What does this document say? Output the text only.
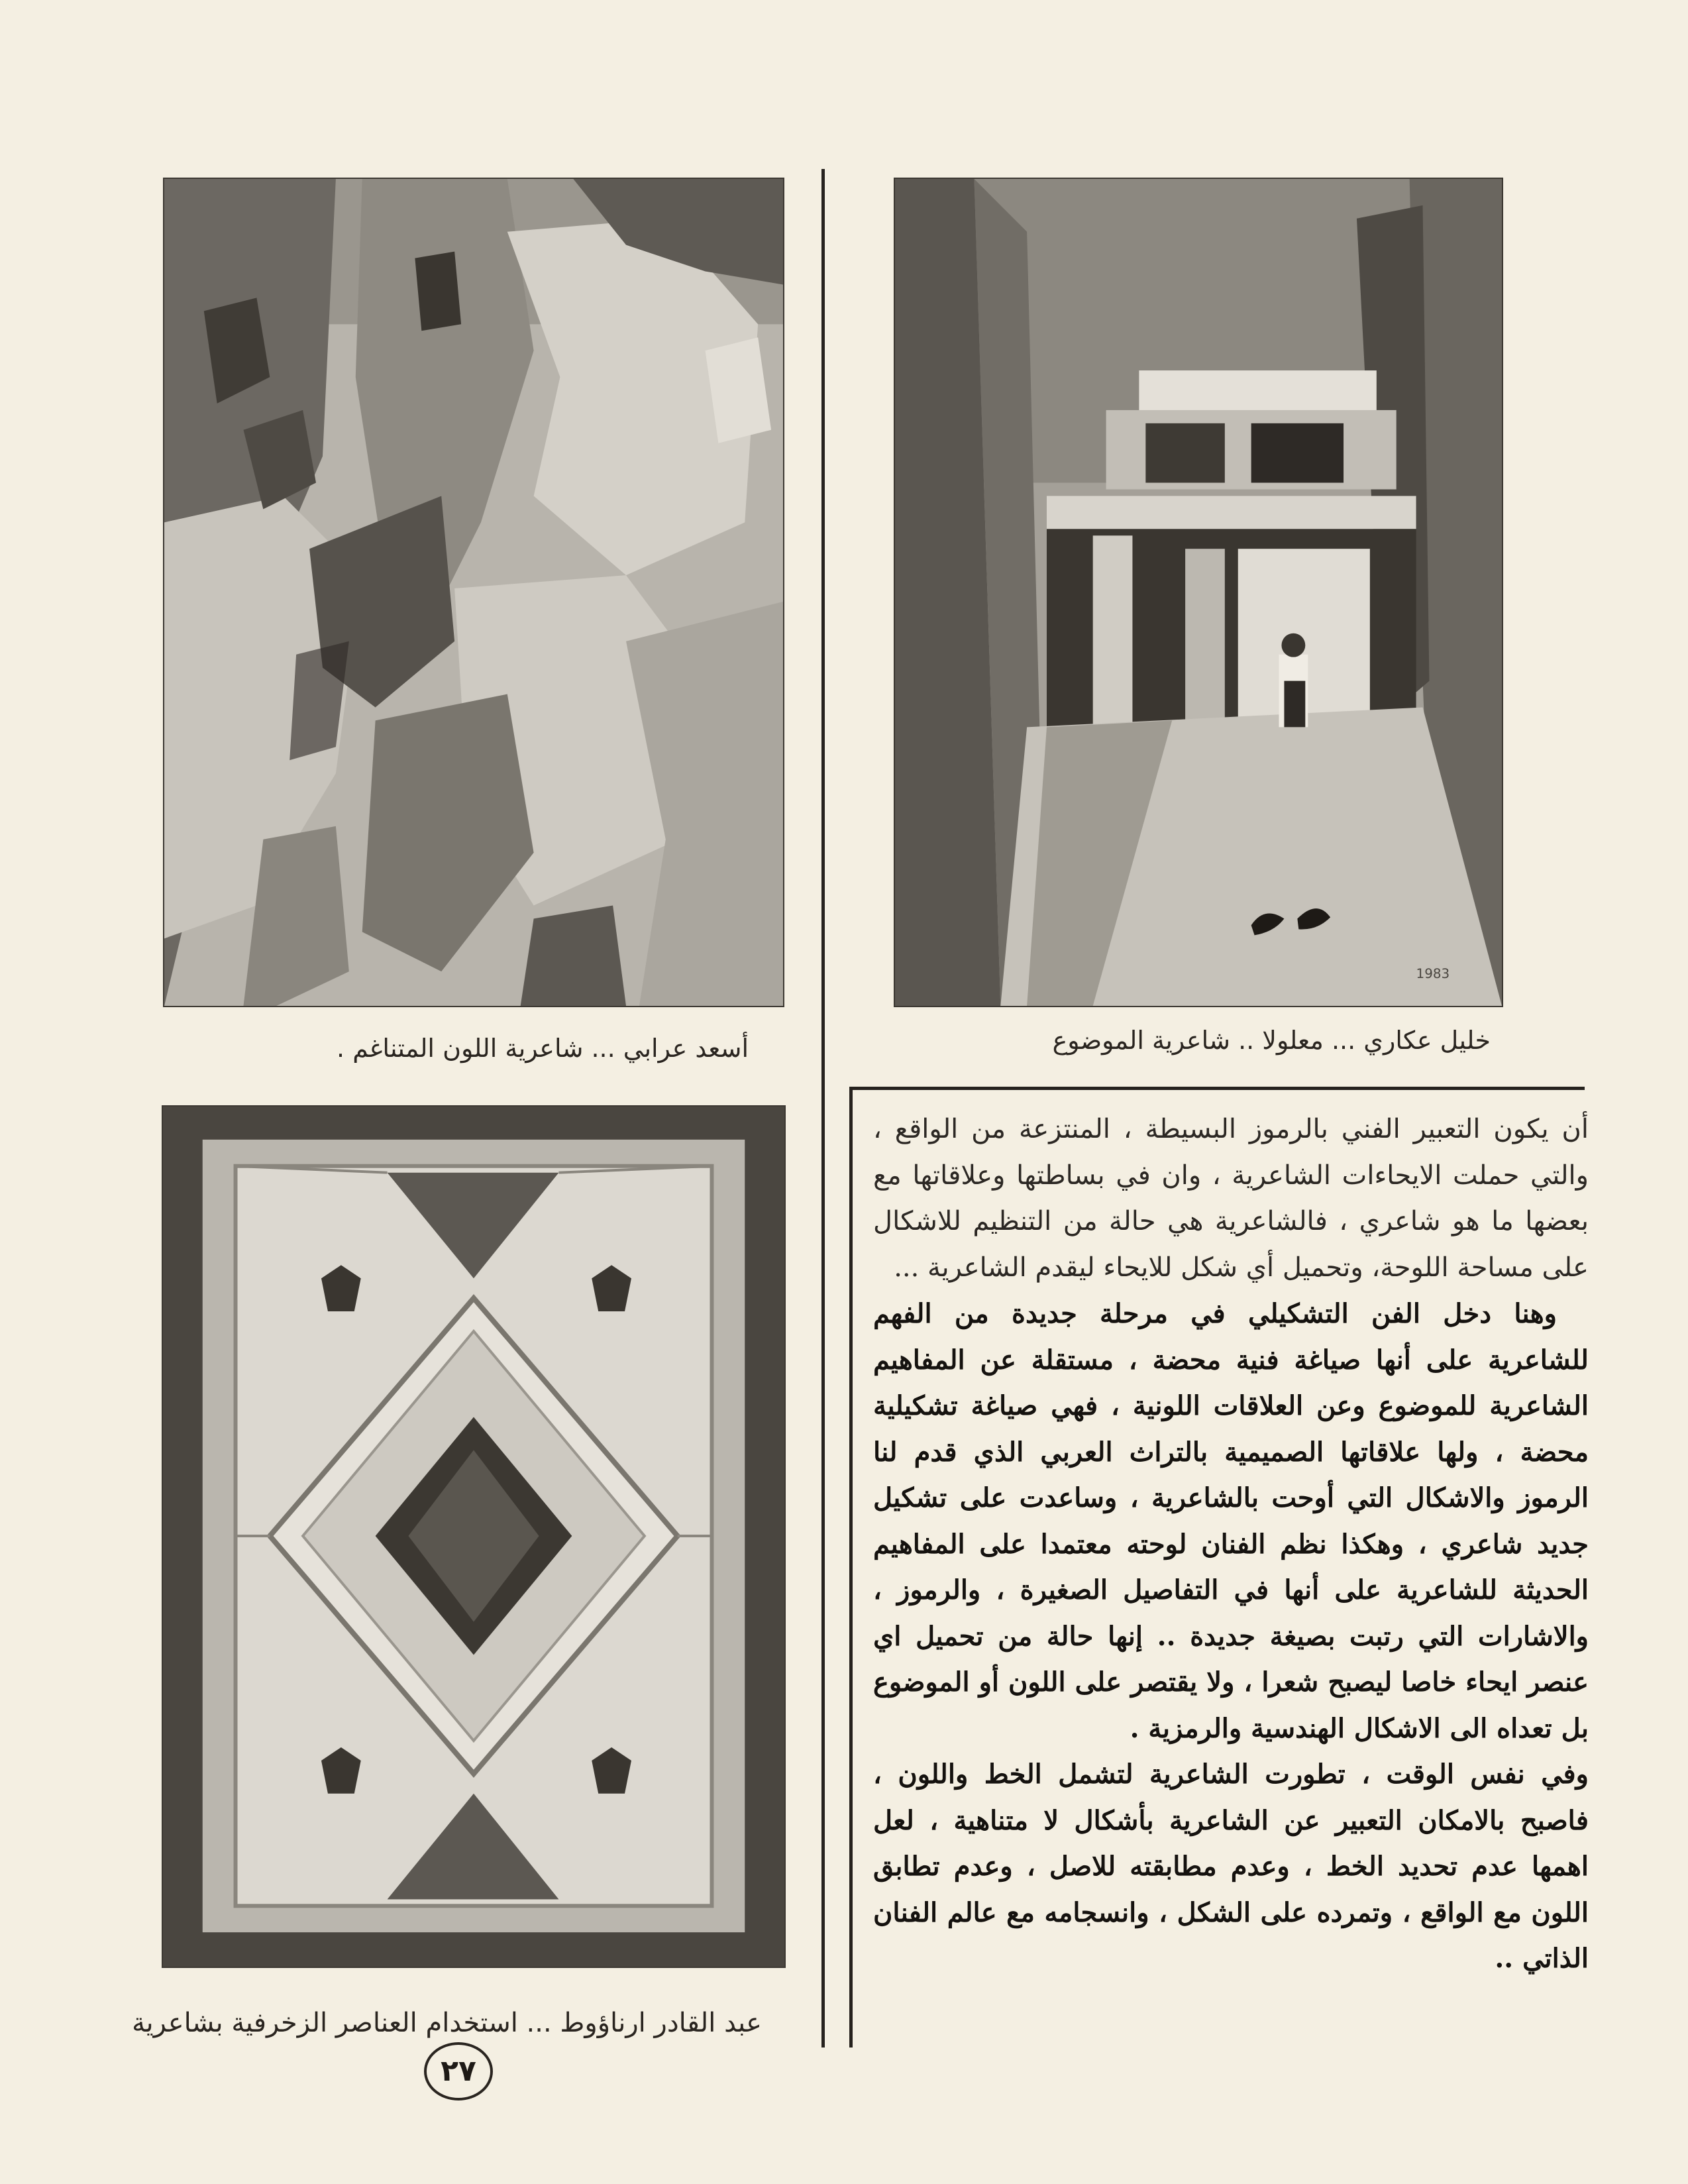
أسعد عرابي ... شاعرية اللون المتناغم .
1983
خليل عكاري ... معلولا .. شاعرية الموضوع
عبد القادر ارناؤوط ... استخدام العناصر الزخرفية بشاعرية

أن يكون التعبير الفني بالرموز البسيطة ، المنتزعة من الواقع ، والتي حملت الايحاءات الشاعرية ، وان في بساطتها وعلاقاتها مع بعضها ما هو شاعري ، فالشاعرية هي حالة من التنظيم للاشكال على مساحة اللوحة، وتحميل أي شكل للايحاء ليقدم الشاعرية ...

وهنا دخل الفن التشكيلي في مرحلة جديدة من الفهم للشاعرية على أنها صياغة فنية محضة ، مستقلة عن المفاهيم الشاعرية للموضوع وعن العلاقات اللونية ، فهي صياغة تشكيلية محضة ، ولها علاقاتها الصميمية بالتراث العربي الذي قدم لنا الرموز والاشكال التي أوحت بالشاعرية ، وساعدت على تشكيل جديد شاعري ، وهكذا نظم الفنان لوحته معتمدا على المفاهيم الحديثة للشاعرية على أنها في التفاصيل الصغيرة ، والرموز ، والاشارات التي رتبت بصيغة جديدة .. إنها حالة من تحميل اي عنصر ايحاء خاصا ليصبح شعرا ، ولا يقتصر على اللون أو الموضوع بل تعداه الى الاشكال الهندسية والرمزية .

وفي نفس الوقت ، تطورت الشاعرية لتشمل الخط واللون ، فاصبح بالامكان التعبير عن الشاعرية بأشكال لا متناهية ، لعل اهمها عدم تحديد الخط ، وعدم مطابقته للاصل ، وعدم تطابق اللون مع الواقع ، وتمرده على الشكل ، وانسجامه مع عالم الفنان الذاتي ..

٢٧
